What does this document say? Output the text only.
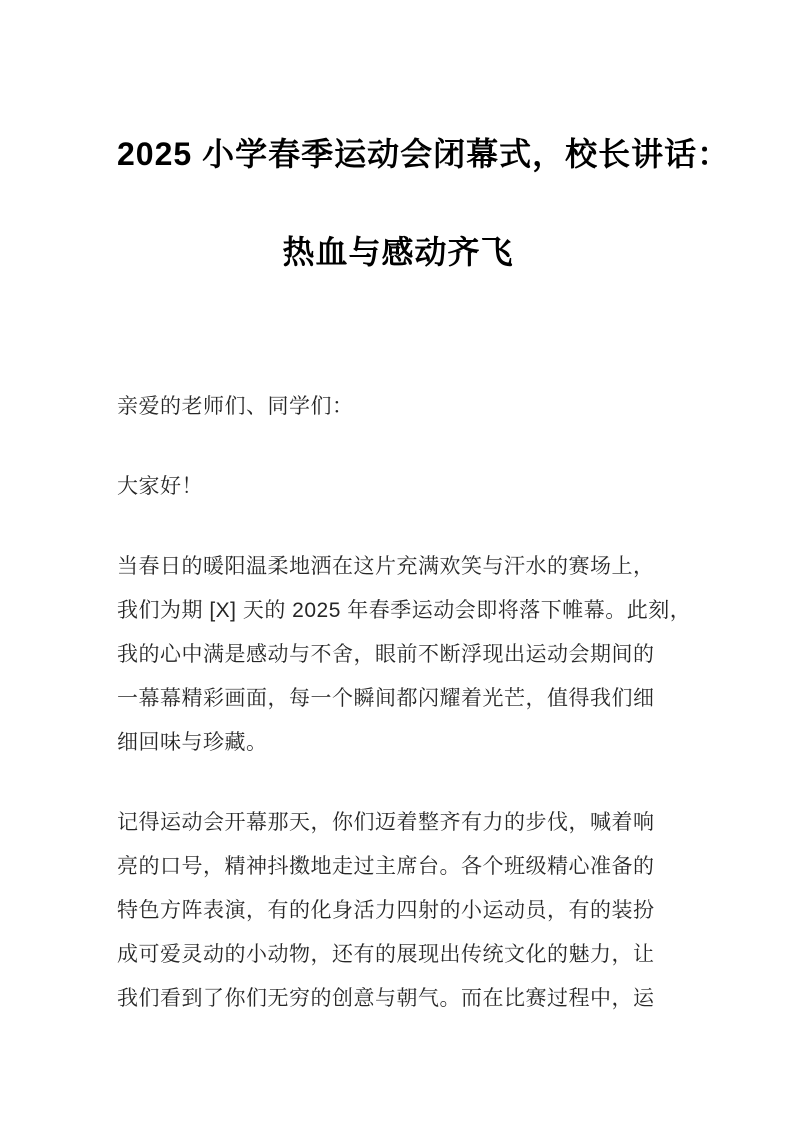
2025 小学春季运动会闭幕式，校长讲话：
热血与感动齐飞

亲爱的老师们、同学们：

大家好！

当春日的暖阳温柔地洒在这片充满欢笑与汗水的赛场上，
我们为期 [X] 天的 2025 年春季运动会即将落下帷幕。此刻，
我的心中满是感动与不舍，眼前不断浮现出运动会期间的
一幕幕精彩画面，每一个瞬间都闪耀着光芒，值得我们细
细回味与珍藏。
记得运动会开幕那天，你们迈着整齐有力的步伐，喊着响
亮的口号，精神抖擞地走过主席台。各个班级精心准备的
特色方阵表演，有的化身活力四射的小运动员，有的装扮
成可爱灵动的小动物，还有的展现出传统文化的魅力，让
我们看到了你们无穷的创意与朝气。而在比赛过程中，运
